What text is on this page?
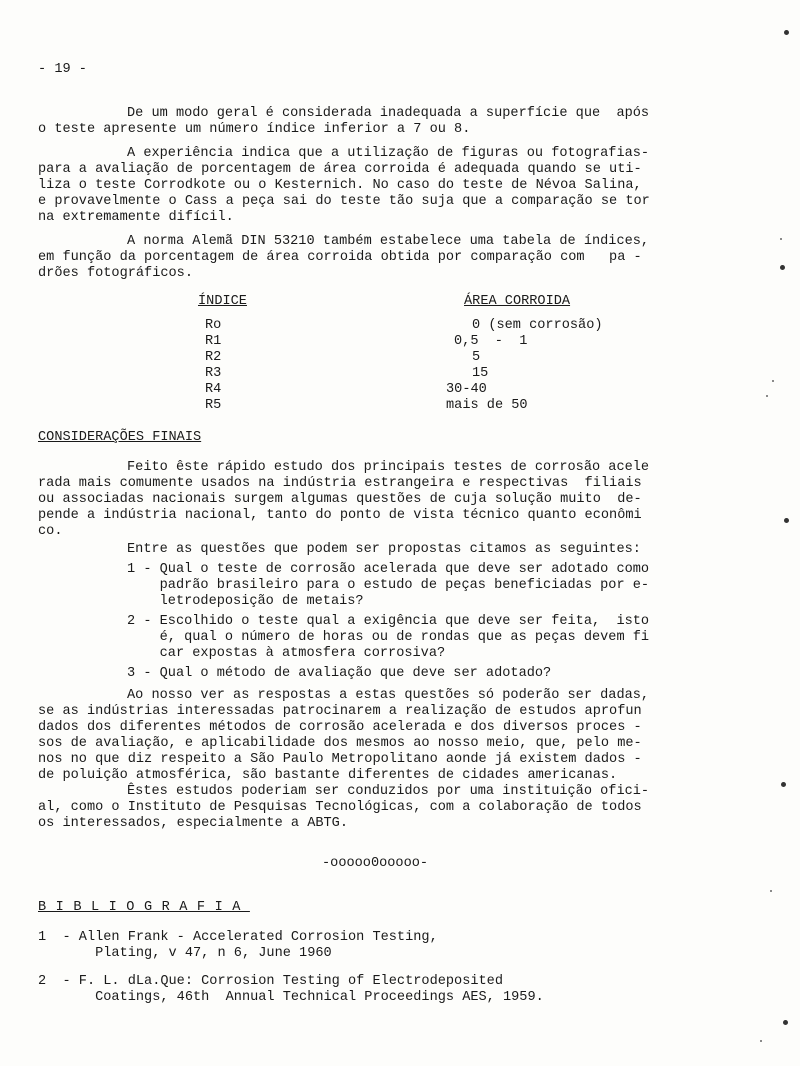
- 19 -
De um modo geral é considerada inadequada a superfície que  após
o teste apresente um número índice inferior a 7 ou 8.
A experiência indica que a utilização de figuras ou fotografias-
para a avaliação de porcentagem de área corroida é adequada quando se uti-
liza o teste Corrodkote ou o Kesternich. No caso do teste de Névoa Salina,
e provavelmente o Cass a peça sai do teste tão suja que a comparação se tor
na extremamente difícil.
A norma Alemã DIN 53210 também estabelece uma tabela de índices,
em função da porcentagem de área corroida obtida por comparação com   pa -
drões fotográficos.
ÍNDICE	ÁREA CORROIDA
Ro	0 (sem corrosão)
R1	0,5  -  1
R2	5
R3	15
R4	30-40
R5	mais de 50
CONSIDERAÇÕES FINAIS
Feito êste rápido estudo dos principais testes de corrosão acele
rada mais comumente usados na indústria estrangeira e respectivas  filiais
ou associadas nacionais surgem algumas questões de cuja solução muito  de-
pende a indústria nacional, tanto do ponto de vista técnico quanto econômi
co.
Entre as questões que podem ser propostas citamos as seguintes:
1 - Qual o teste de corrosão acelerada que deve ser adotado como
padrão brasileiro para o estudo de peças beneficiadas por e-
letrodeposição de metais?
2 - Escolhido o teste qual a exigência que deve ser feita,  isto
é, qual o número de horas ou de rondas que as peças devem fi
car expostas à atmosfera corrosiva?
3 - Qual o método de avaliação que deve ser adotado?
Ao nosso ver as respostas a estas questões só poderão ser dadas,
se as indústrias interessadas patrocinarem a realização de estudos aprofun
dados dos diferentes métodos de corrosão acelerada e dos diversos proces -
sos de avaliação, e aplicabilidade dos mesmos ao nosso meio, que, pelo me-
nos no que diz respeito a São Paulo Metropolitano aonde já existem dados -
de poluição atmosférica, são bastante diferentes de cidades americanas.
Êstes estudos poderiam ser conduzidos por uma instituição ofici-
al, como o Instituto de Pesquisas Tecnológicas, com a colaboração de todos
os interessados, especialmente a ABTG.
-ooooo0ooooo-
BIBLIOGRAFIA
1  - Allen Frank - Accelerated Corrosion Testing,
Plating, v 47, n 6, June 1960
2  - F. L. dLa.Que: Corrosion Testing of Electrodeposited
Coatings, 46th  Annual Technical Proceedings AES, 1959.
